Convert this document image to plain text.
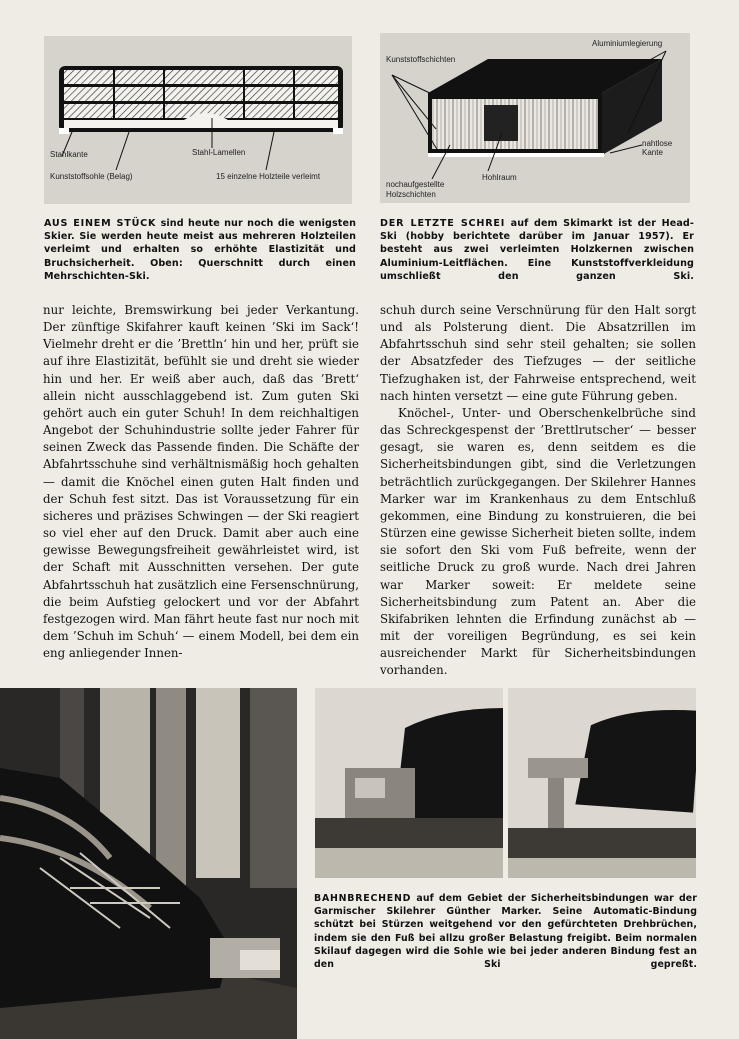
Stahlkante	Stahl-Lamellen
Kunststoffsohle (Belag)	15 einzelne Holzteile verleimt
Aluminiumlegierung
Kunststoffschichten
nahtlose Kante
Hohlraum
nochaufgestellte Holzschichten
AUS EINEM STÜCK sind heute nur noch die wenigsten Skier. Sie werden heute meist aus mehreren Holzteilen verleimt und erhalten so erhöhte Elastizität und Bruchsicherheit. Oben: Querschnitt durch einen Mehrschichten-Ski.
DER LETZTE SCHREI auf dem Skimarkt ist der Head-Ski (hobby berichtete darüber im Januar 1957). Er besteht aus zwei verleimten Holzkernen zwischen Aluminium-Leitflächen. Eine Kunststoffverkleidung umschließt den ganzen Ski.

nur leichte, Bremswirkung bei jeder Verkantung. Der zünftige Skifahrer kauft keinen ’Ski im Sack‘! Vielmehr dreht er die ’Brettln‘ hin und her, prüft sie auf ihre Elastizität, befühlt sie und dreht sie wieder hin und her. Er weiß aber auch, daß das ’Brett‘ allein nicht ausschlaggebend ist. Zum guten Ski gehört auch ein guter Schuh! In dem reichhaltigen Angebot der Schuhindustrie sollte jeder Fahrer für seinen Zweck das Passende finden. Die Schäfte der Abfahrtsschuhe sind verhältnismäßig hoch gehalten — damit die Knöchel einen guten Halt finden und der Schuh fest sitzt. Das ist Voraussetzung für ein sicheres und präzises Schwingen — der Ski reagiert so viel eher auf den Druck. Damit aber auch eine gewisse Bewegungsfreiheit gewährleistet wird, ist der Schaft mit Ausschnitten versehen. Der gute Abfahrtsschuh hat zusätzlich eine Fersenschnürung, die beim Aufstieg gelockert und vor der Abfahrt festgezogen wird. Man fährt heute fast nur noch mit dem ’Schuh im Schuh‘ — einem Modell, bei dem ein eng anliegender Innen-

schuh durch seine Verschnürung für den Halt sorgt und als Polsterung dient. Die Absatzrillen im Abfahrtsschuh sind sehr steil gehalten; sie sollen der Absatzfeder des Tiefzuges — der seitliche Tiefzughaken ist, der Fahrweise entsprechend, weit nach hinten versetzt — eine gute Führung geben.

Knöchel-, Unter- und Oberschenkelbrüche sind das Schreckgespenst der ’Brettlrutscher‘ — besser gesagt, sie waren es, denn seitdem es die Sicherheitsbindungen gibt, sind die Verletzungen beträchtlich zurückgegangen. Der Skilehrer Hannes Marker war im Krankenhaus zu dem Entschluß gekommen, eine Bindung zu konstruieren, die bei Stürzen eine gewisse Sicherheit bieten sollte, indem sie sofort den Ski vom Fuß befreite, wenn der seitliche Druck zu groß wurde. Nach drei Jahren war Marker soweit: Er meldete seine Sicherheitsbindung zum Patent an. Aber die Skifabriken lehnten die Erfindung zunächst ab — mit der voreiligen Begründung, es sei kein ausreichender Markt für Sicherheitsbindungen vorhanden.

BAHNBRECHEND auf dem Gebiet der Sicherheitsbindungen war der Garmischer Skilehrer Günther Marker. Seine Automatic-Bindung schützt bei Stürzen weitgehend vor den gefürchteten Drehbrüchen, indem sie den Fuß bei allzu großer Belastung freigibt. Beim normalen Skilauf dagegen wird die Sohle wie bei jeder anderen Bindung fest an den Ski gepreßt.
